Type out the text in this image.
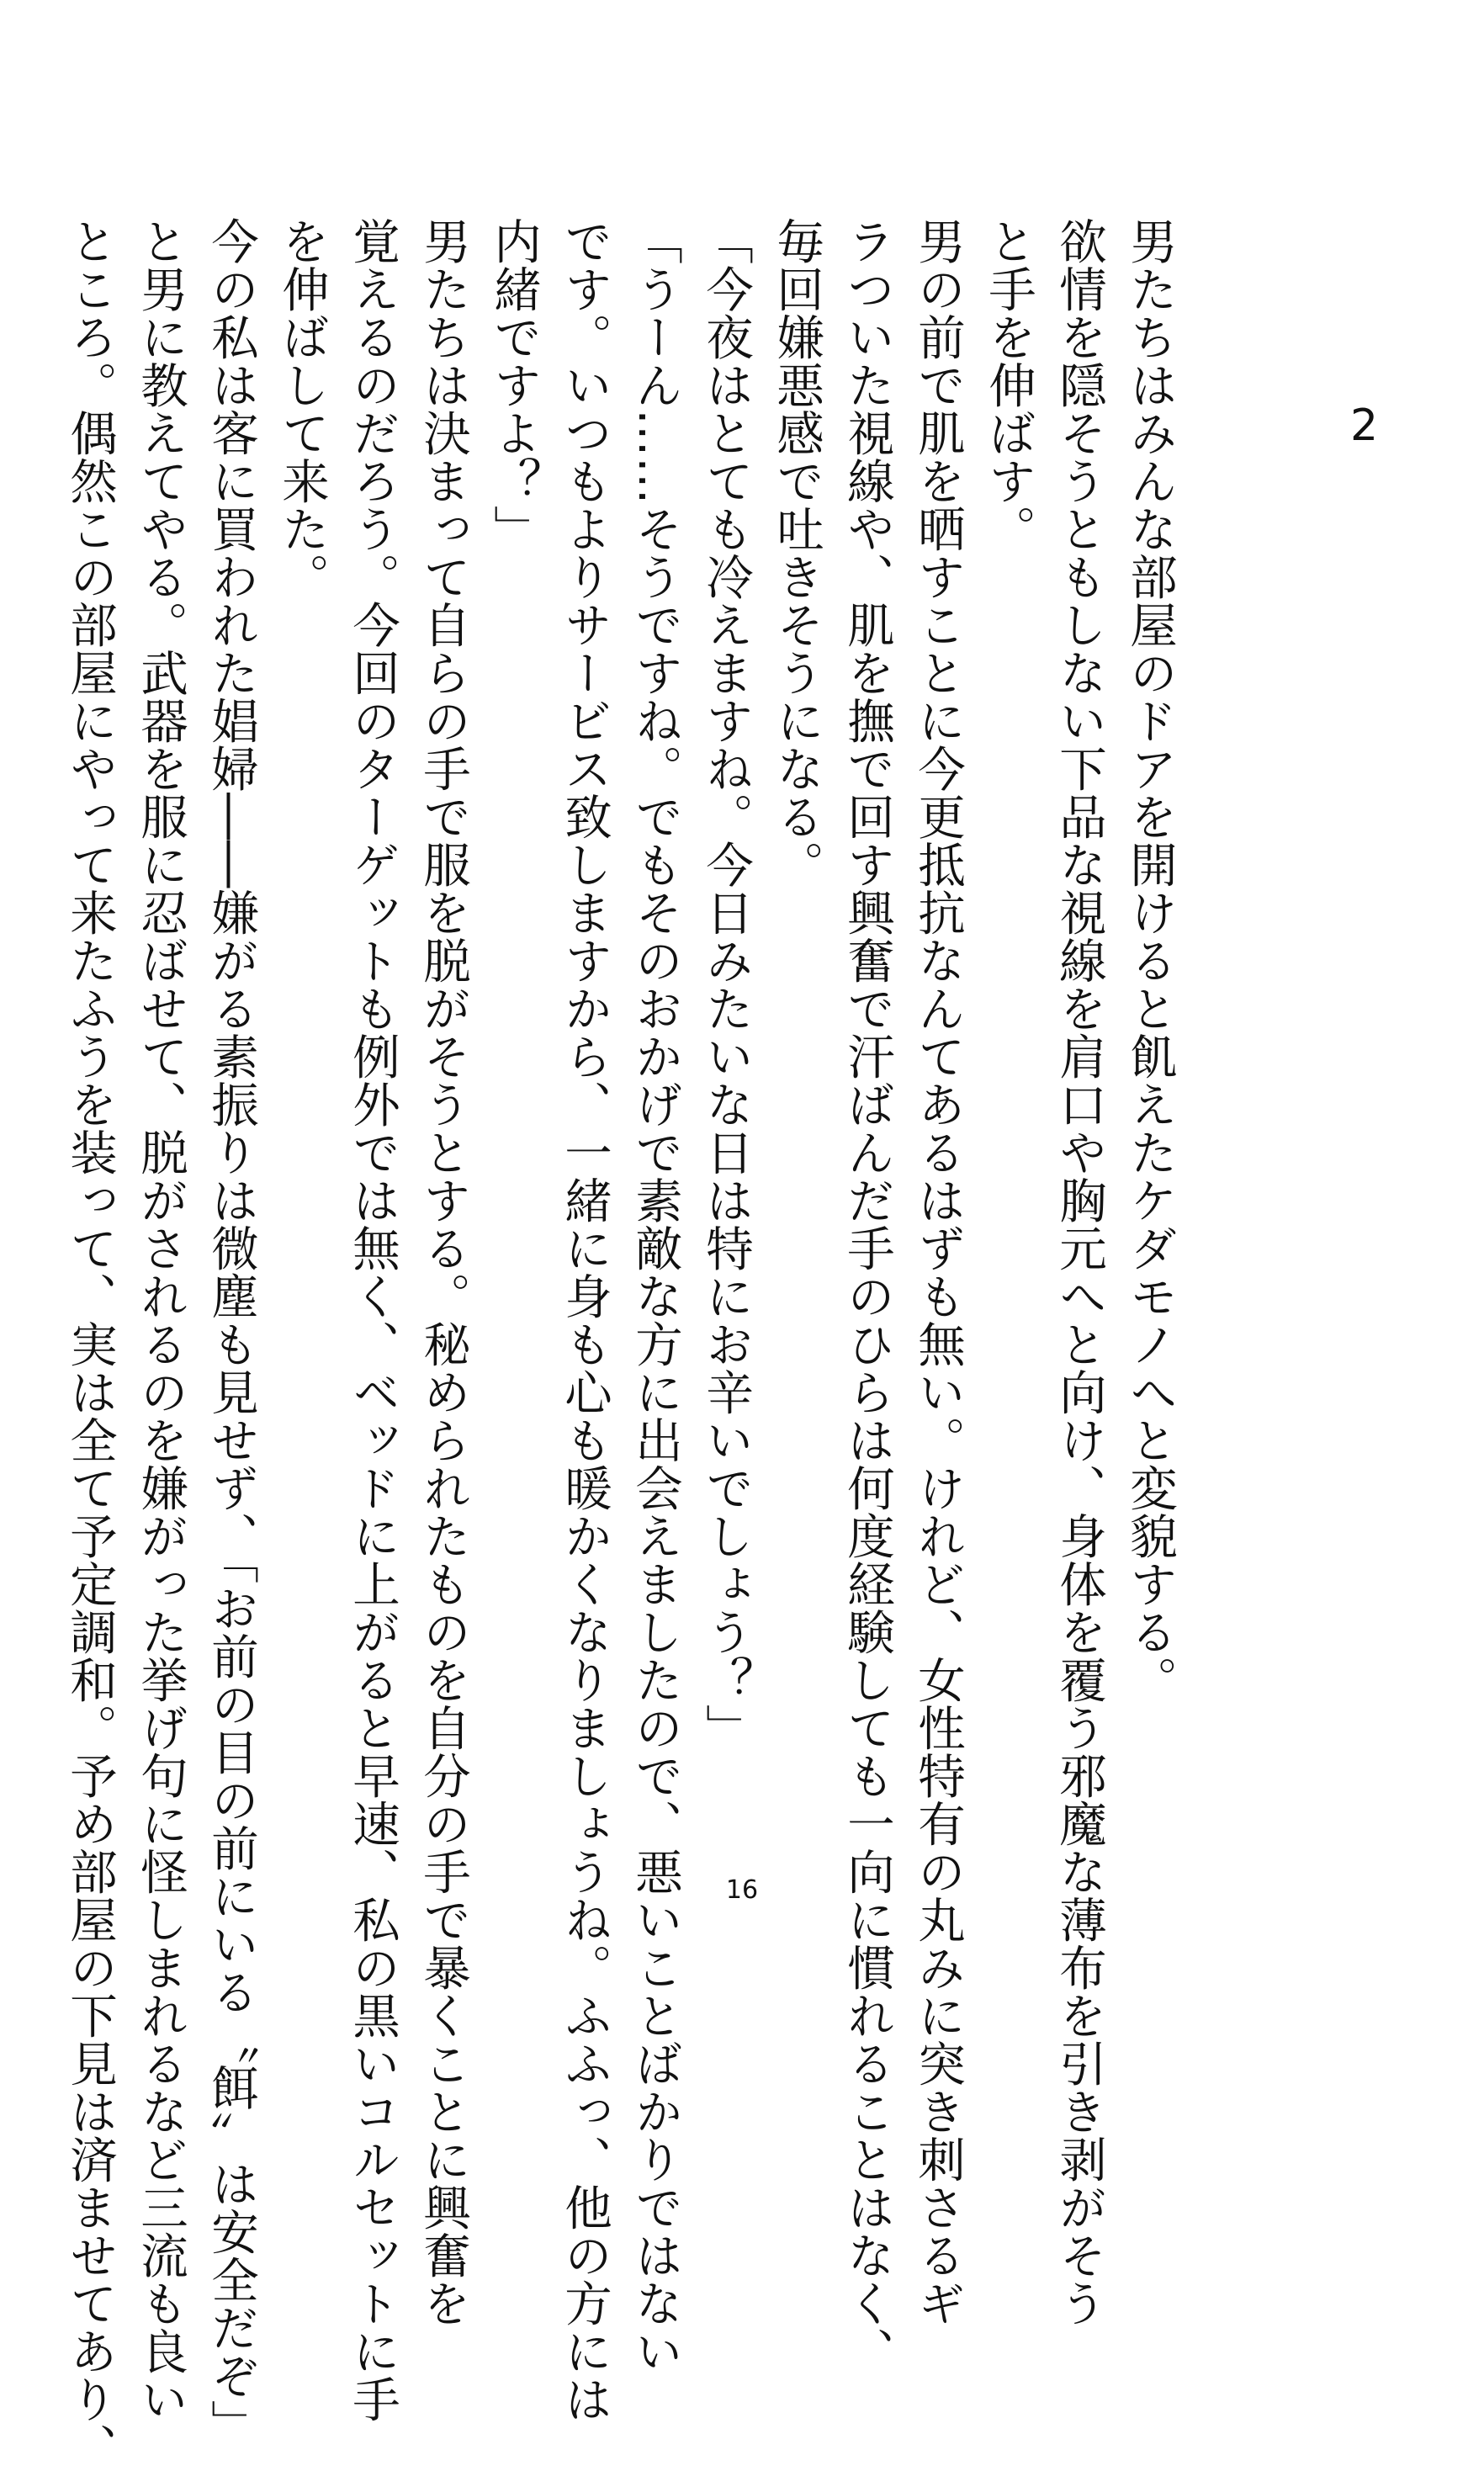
2

男たちはみんな部屋のドアを開けると飢えたケダモノへと変貌する。

欲情を隠そうともしない下品な視線を肩口や胸元へと向け、身体を覆う邪魔な薄布を引き剥がそう

と手を伸ばす。

男の前で肌を晒すことに今更抵抗なんてあるはずも無い。けれど、女性特有の丸みに突き刺さるギ

ラついた視線や、肌を撫で回す興奮で汗ばんだ手のひらは何度経験しても一向に慣れることはなく、

毎回嫌悪感で吐きそうになる。

「今夜はとても冷えますね。今日みたいな日は特にお辛いでしょう？」

「うーん……そうですね。でもそのおかげで素敵な方に出会えましたので、悪いことばかりではない

です。いつもよりサービス致しますから、一緒に身も心も暖かくなりましょうね。ふふっ、他の方には

内緒ですよ？」

男たちは決まって自らの手で服を脱がそうとする。秘められたものを自分の手で暴くことに興奮を

覚えるのだろう。今回のターゲットも例外では無く、ベッドに上がると早速、私の黒いコルセットに手

を伸ばして来た。

今の私は客に買われた娼婦――嫌がる素振りは微塵も見せず、「お前の目の前にいる〝餌〟は安全だぞ」

と男に教えてやる。武器を服に忍ばせて、脱がされるのを嫌がった挙げ句に怪しまれるなど三流も良い

ところ。偶然この部屋にやって来たふうを装って、実は全て予定調和。予め部屋の下見は済ませてあり、	16
